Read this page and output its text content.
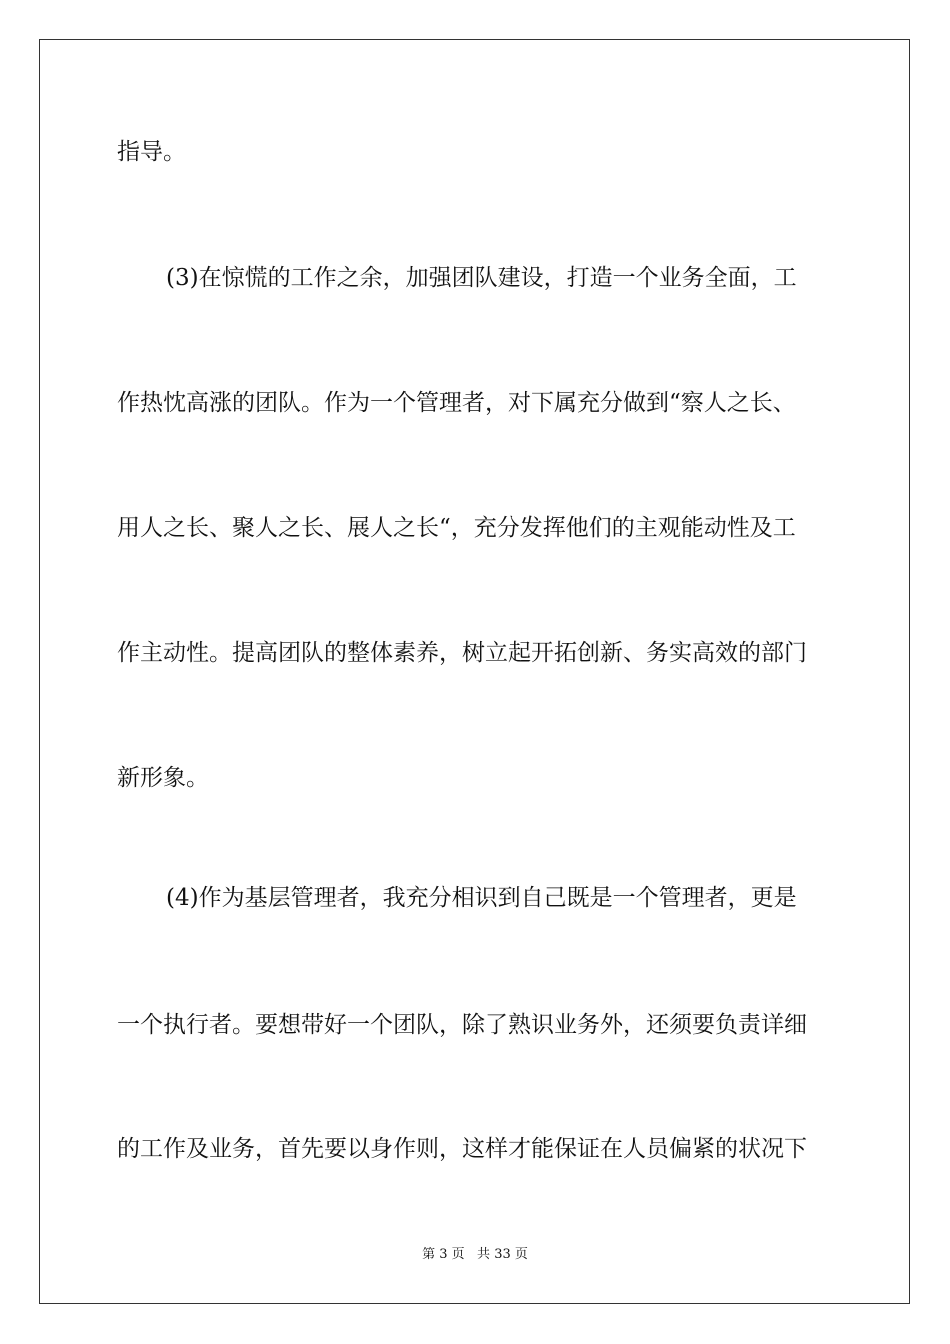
指导。
(3)在惊慌的工作之余，加强团队建设，打造一个业务全面，工
作热忱高涨的团队。作为一个管理者，对下属充分做到“察人之长、
用人之长、聚人之长、展人之长“，充分发挥他们的主观能动性及工
作主动性。提高团队的整体素养，树立起开拓创新、务实高效的部门
新形象。
(4)作为基层管理者，我充分相识到自己既是一个管理者，更是
一个执行者。要想带好一个团队，除了熟识业务外，还须要负责详细
的工作及业务，首先要以身作则，这样才能保证在人员偏紧的状况下
第 3 页   共 33 页
